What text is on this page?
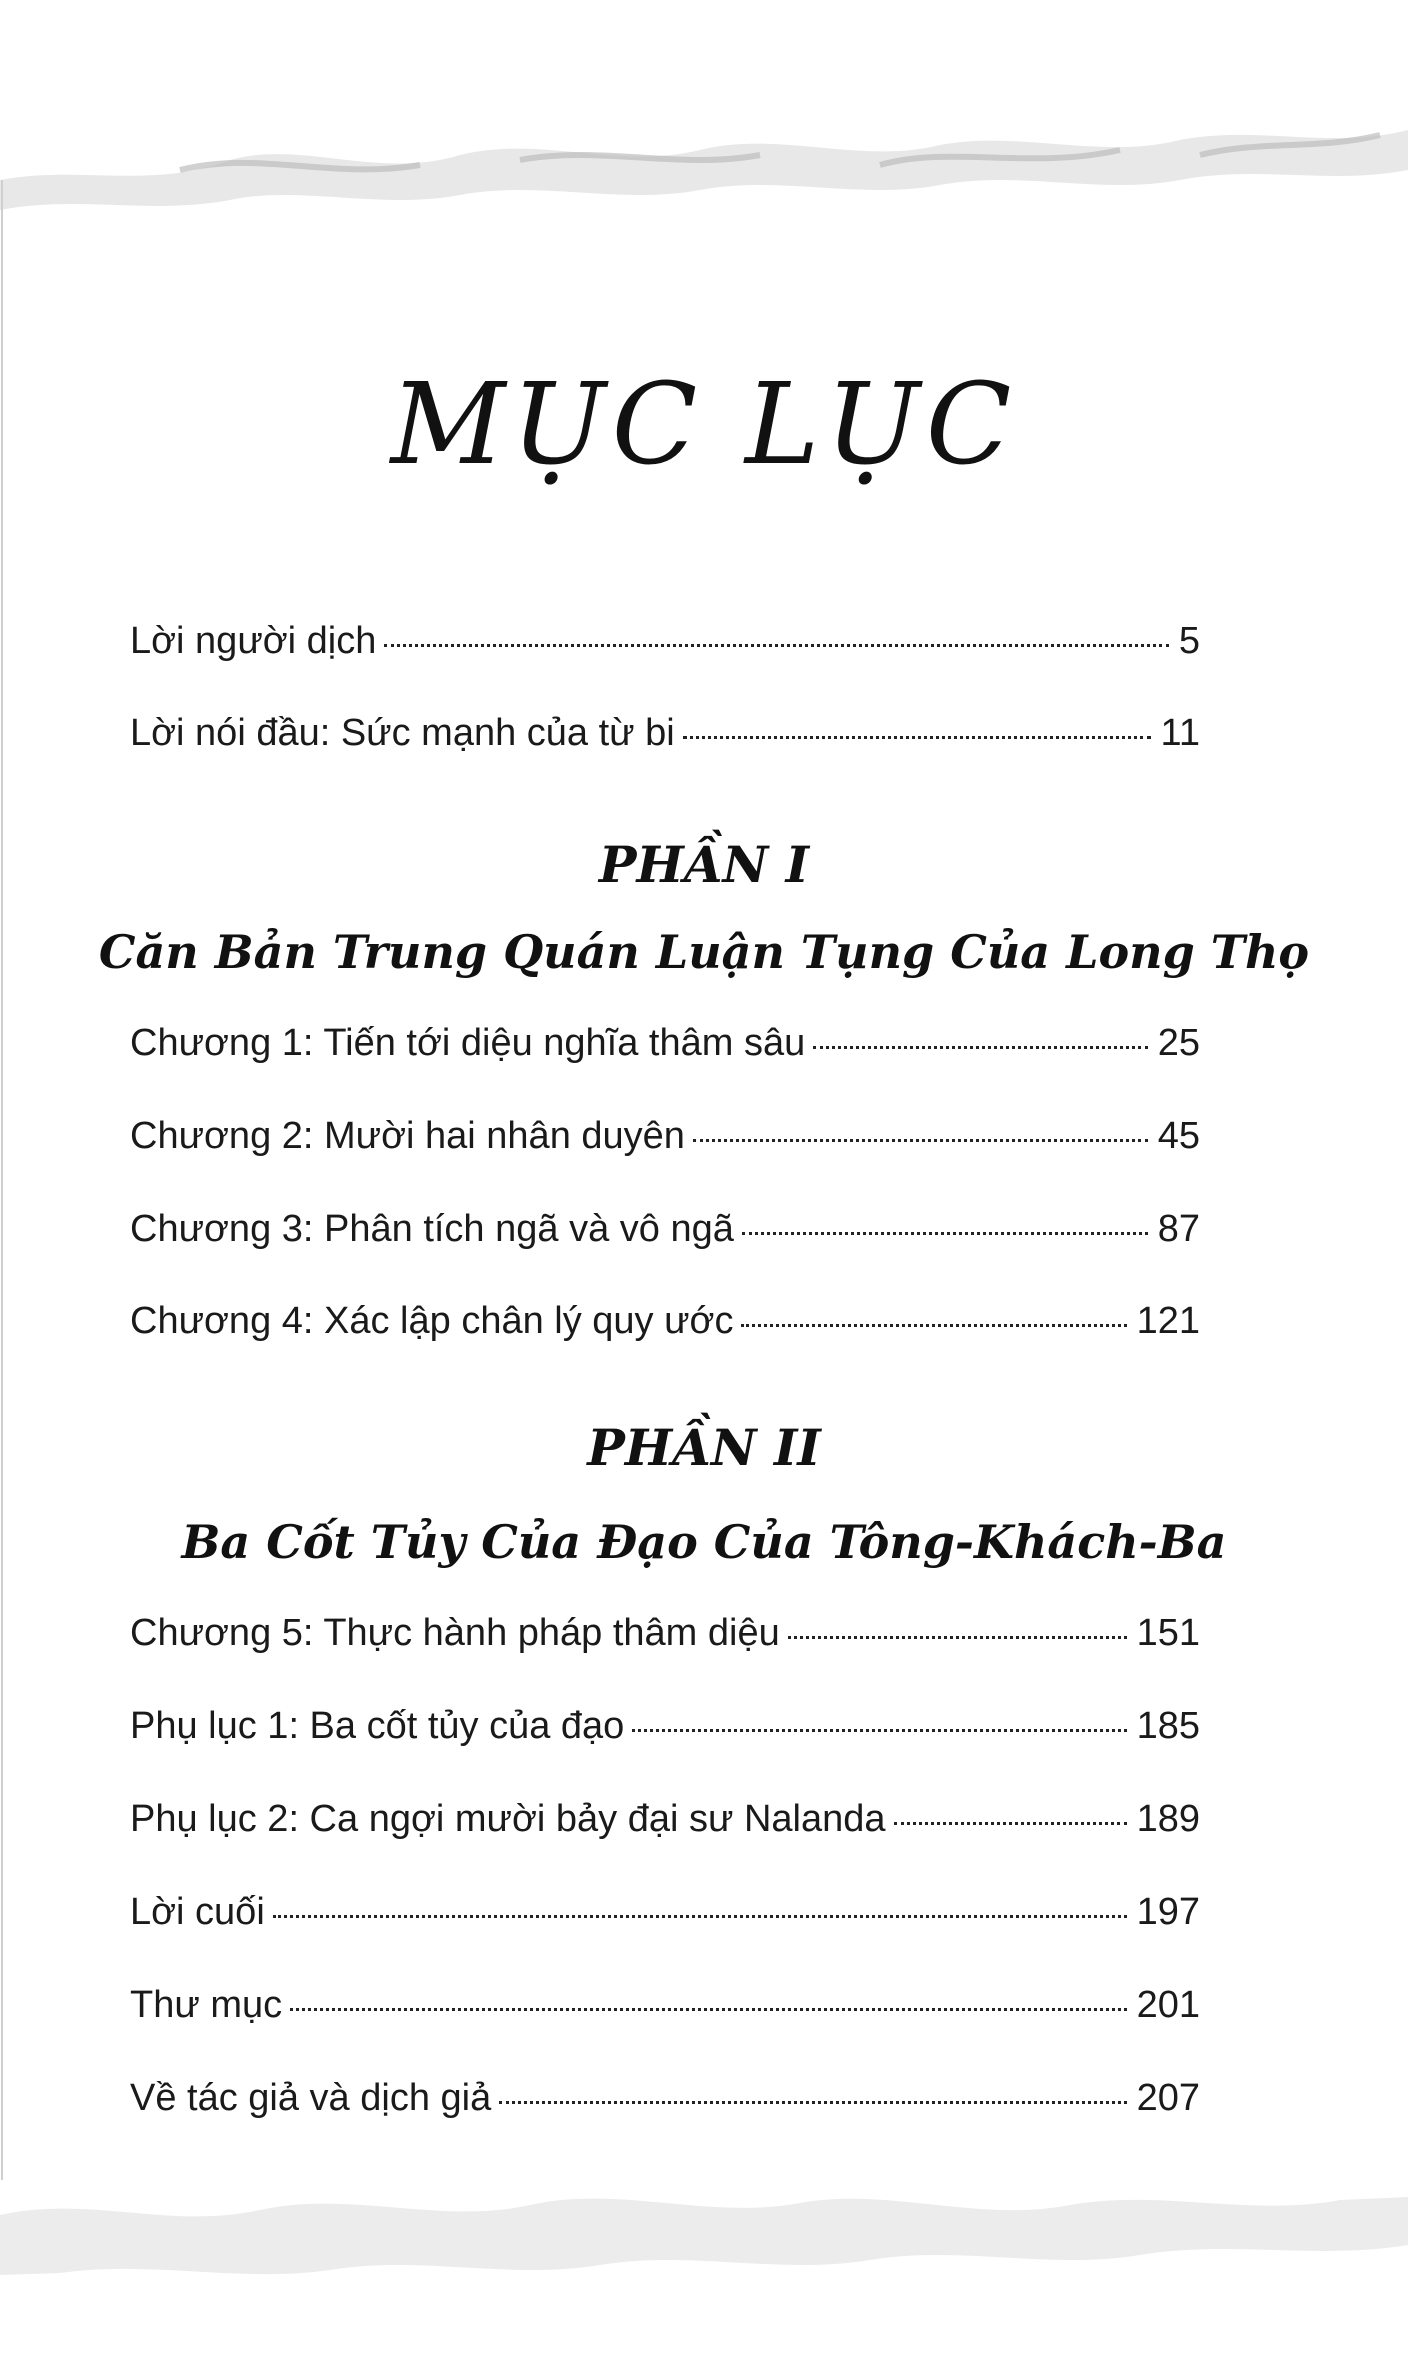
MỤC LỤC
Lời người dịch	5
Lời nói đầu: Sức mạnh của từ bi	11
PHẦN I
Căn Bản Trung Quán Luận Tụng Của Long Thọ
Chương 1: Tiến tới diệu nghĩa thâm sâu	25
Chương 2: Mười hai nhân duyên	45
Chương 3: Phân tích ngã và vô ngã	87
Chương 4: Xác lập chân lý quy ước	121
PHẦN II
Ba Cốt Tủy Của Đạo Của Tông-Khách-Ba
Chương 5: Thực hành pháp thâm diệu	151
Phụ lục 1: Ba cốt tủy của đạo	185
Phụ lục 2: Ca ngợi mười bảy đại sư Nalanda	189
Lời cuối	197
Thư mục	201
Về tác giả và dịch giả	207
